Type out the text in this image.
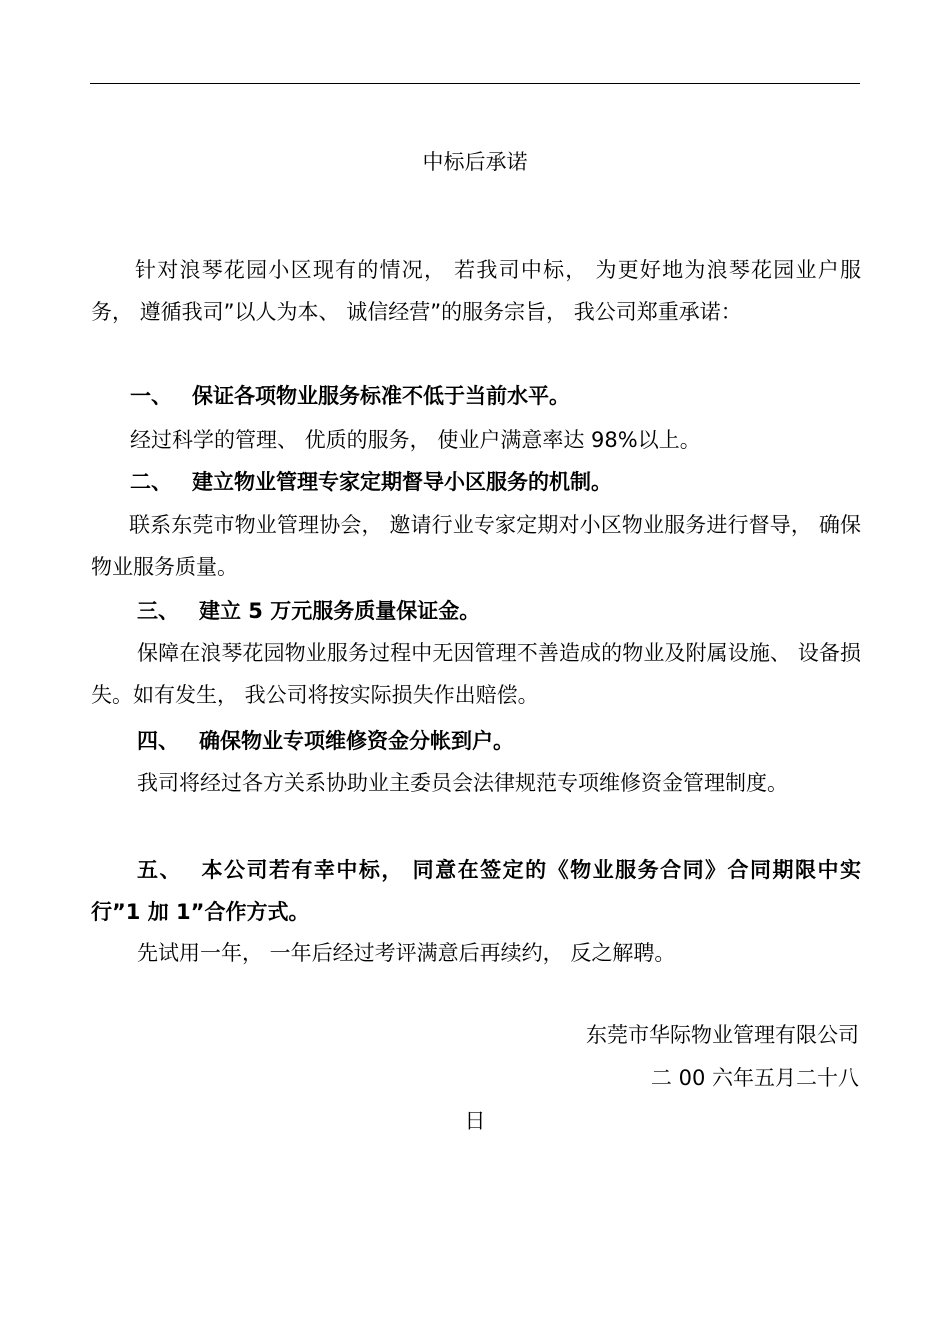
中标后承诺
针对浪琴花园小区现有的情况， 若我司中标， 为更好地为浪琴花园业户服务， 遵循我司”以人为本、 诚信经营”的服务宗旨， 我公司郑重承诺：
一、 保证各项物业服务标准不低于当前水平。
经过科学的管理、 优质的服务， 使业户满意率达 98%以上。
二、 建立物业管理专家定期督导小区服务的机制。
联系东莞市物业管理协会， 邀请行业专家定期对小区物业服务进行督导， 确保物业服务质量。
三、 建立 5 万元服务质量保证金。
保障在浪琴花园物业服务过程中无因管理不善造成的物业及附属设施、 设备损失。如有发生， 我公司将按实际损失作出赔偿。
四、 确保物业专项维修资金分帐到户。
我司将经过各方关系协助业主委员会法律规范专项维修资金管理制度。
五、 本公司若有幸中标， 同意在签定的《物业服务合同》合同期限中实行”1 加 1”合作方式。
先试用一年， 一年后经过考评满意后再续约， 反之解聘。
东莞市华际物业管理有限公司
二 00 六年五月二十八
日
